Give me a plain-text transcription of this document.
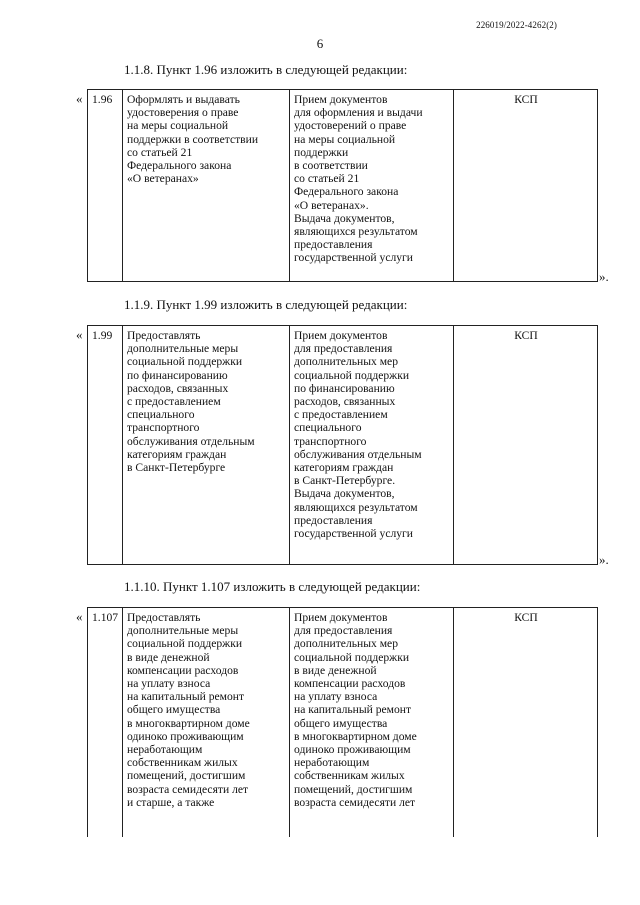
226019/2022-4262(2)
6
1.1.8. Пункт 1.96 изложить в следующей редакции:
« 1.96	Оформлять и выдавать
удостоверения о праве
на меры социальной
поддержки в соответствии
со статьей 21
Федерального закона
«О ветеранах»	Прием документов
для оформления и выдачи
удостоверений о праве
на меры социальной
поддержки
в соответствии
со статьей 21
Федерального закона
«О ветеранах».
Выдача документов,
являющихся результатом
предоставления
государственной услуги	КСП
».
1.1.9. Пункт 1.99 изложить в следующей редакции:
« 1.99	Предоставлять
дополнительные меры
социальной поддержки
по финансированию
расходов, связанных
с предоставлением
специального
транспортного
обслуживания отдельным
категориям граждан
в Санкт-Петербурге	Прием документов
для предоставления
дополнительных мер
социальной поддержки
по финансированию
расходов, связанных
с предоставлением
специального
транспортного
обслуживания отдельным
категориям граждан
в Санкт-Петербурге.
Выдача документов,
являющихся результатом
предоставления
государственной услуги	КСП
».
1.1.10. Пункт 1.107 изложить в следующей редакции:
« 1.107	Предоставлять
дополнительные меры
социальной поддержки
в виде денежной
компенсации расходов
на уплату взноса
на капитальный ремонт
общего имущества
в многоквартирном доме
одиноко проживающим
неработающим
собственникам жилых
помещений, достигшим
возраста семидесяти лет
и старше, а также	Прием документов
для предоставления
дополнительных мер
социальной поддержки
в виде денежной
компенсации расходов
на уплату взноса
на капитальный ремонт
общего имущества
в многоквартирном доме
одиноко проживающим
неработающим
собственникам жилых
помещений, достигшим
возраста семидесяти лет	КСП
